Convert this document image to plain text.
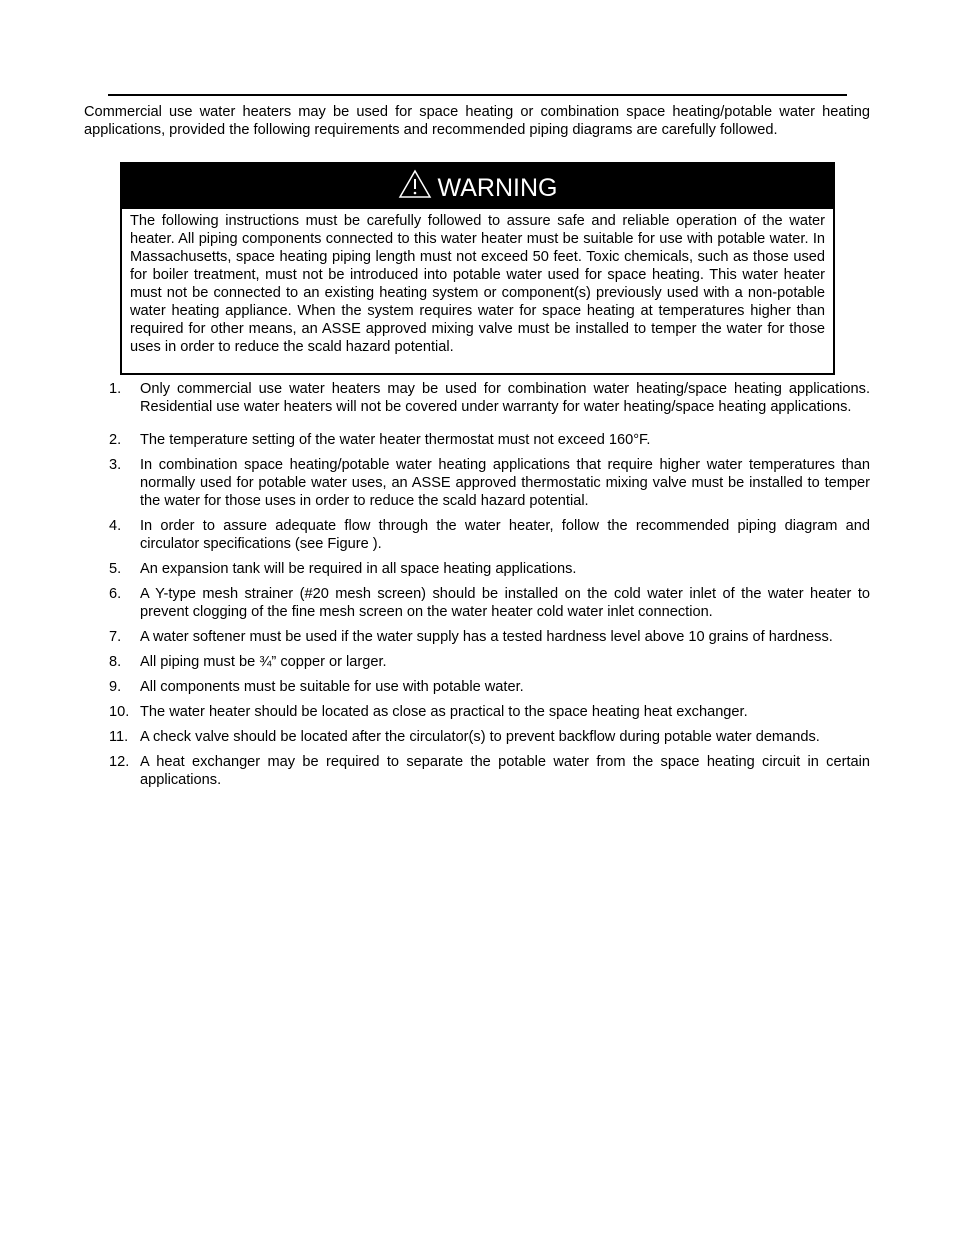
Commercial use water heaters may be used for space heating or combination space heating/potable water heating applications, provided the following requirements and recommended piping diagrams are carefully followed.

WARNING

The following instructions must be carefully followed to assure safe and reliable operation of the water heater. All piping components connected to this water heater must be suitable for use with potable water. In Massachusetts, space heating piping length must not exceed 50 feet. Toxic chemicals, such as those used for boiler treatment, must not be introduced into potable water used for space heating. This water heater must not be connected to an existing heating system or component(s) previously used with a non-potable water heating appliance. When the system requires water for space heating at temperatures higher than required for other means, an ASSE approved mixing valve must be installed to temper the water for those uses in order to reduce the scald hazard potential.

1.	Only commercial use water heaters may be used for combination water heating/space heating applications. Residential use water heaters will not be covered under warranty for water heating/space heating applications.
2.	The temperature setting of the water heater thermostat must not exceed 160°F.
3.	In combination space heating/potable water heating applications that require higher water temperatures than normally used for potable water uses, an ASSE approved thermostatic mixing valve must be installed to temper the water for those uses in order to reduce the scald hazard potential.
4.	In order to assure adequate flow through the water heater, follow the recommended piping diagram and circulator specifications (see Figure ).
5.	An expansion tank will be required in all space heating applications.
6.	A Y-type mesh strainer (#20 mesh screen) should be installed on the cold water inlet of the water heater to prevent clogging of the fine mesh screen on the water heater cold water inlet connection.
7.	A water softener must be used if the water supply has a tested hardness level above 10 grains of hardness.
8.	All piping must be ¾” copper or larger.
9.	All components must be suitable for use with potable water.
10. The water heater should be located as close as practical to the space heating heat exchanger.
11. A check valve should be located after the circulator(s) to prevent backflow during potable water demands.
12. A heat exchanger may be required to separate the potable water from the space heating circuit in certain applications.
